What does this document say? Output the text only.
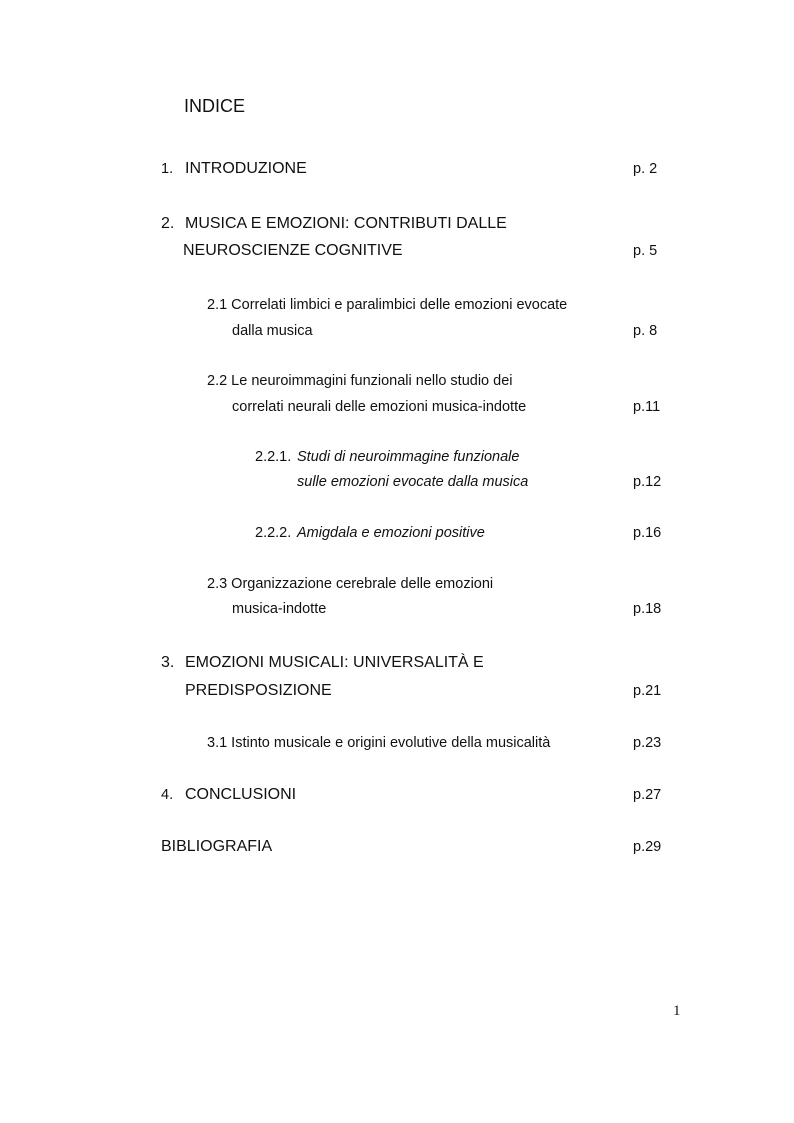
INDICE
1. INTRODUZIONE	p. 2
2. MUSICA E EMOZIONI: CONTRIBUTI DALLE
NEUROSCIENZE COGNITIVE	p. 5
2.1 Correlati limbici e paralimbici delle emozioni evocate
dalla musica	p. 8
2.2 Le neuroimmagini funzionali nello studio dei
correlati neurali delle emozioni musica-indotte	p.11
2.2.1. Studi di neuroimmagine funzionale
sulle emozioni evocate dalla musica	p.12
2.2.2. Amigdala e emozioni positive	p.16
2.3 Organizzazione cerebrale delle emozioni
musica-indotte	p.18
3. EMOZIONI MUSICALI: UNIVERSALITÀ E
PREDISPOSIZIONE	p.21
3.1 Istinto musicale e origini evolutive della musicalità	p.23
4. CONCLUSIONI	p.27
BIBLIOGRAFIA	p.29
1
